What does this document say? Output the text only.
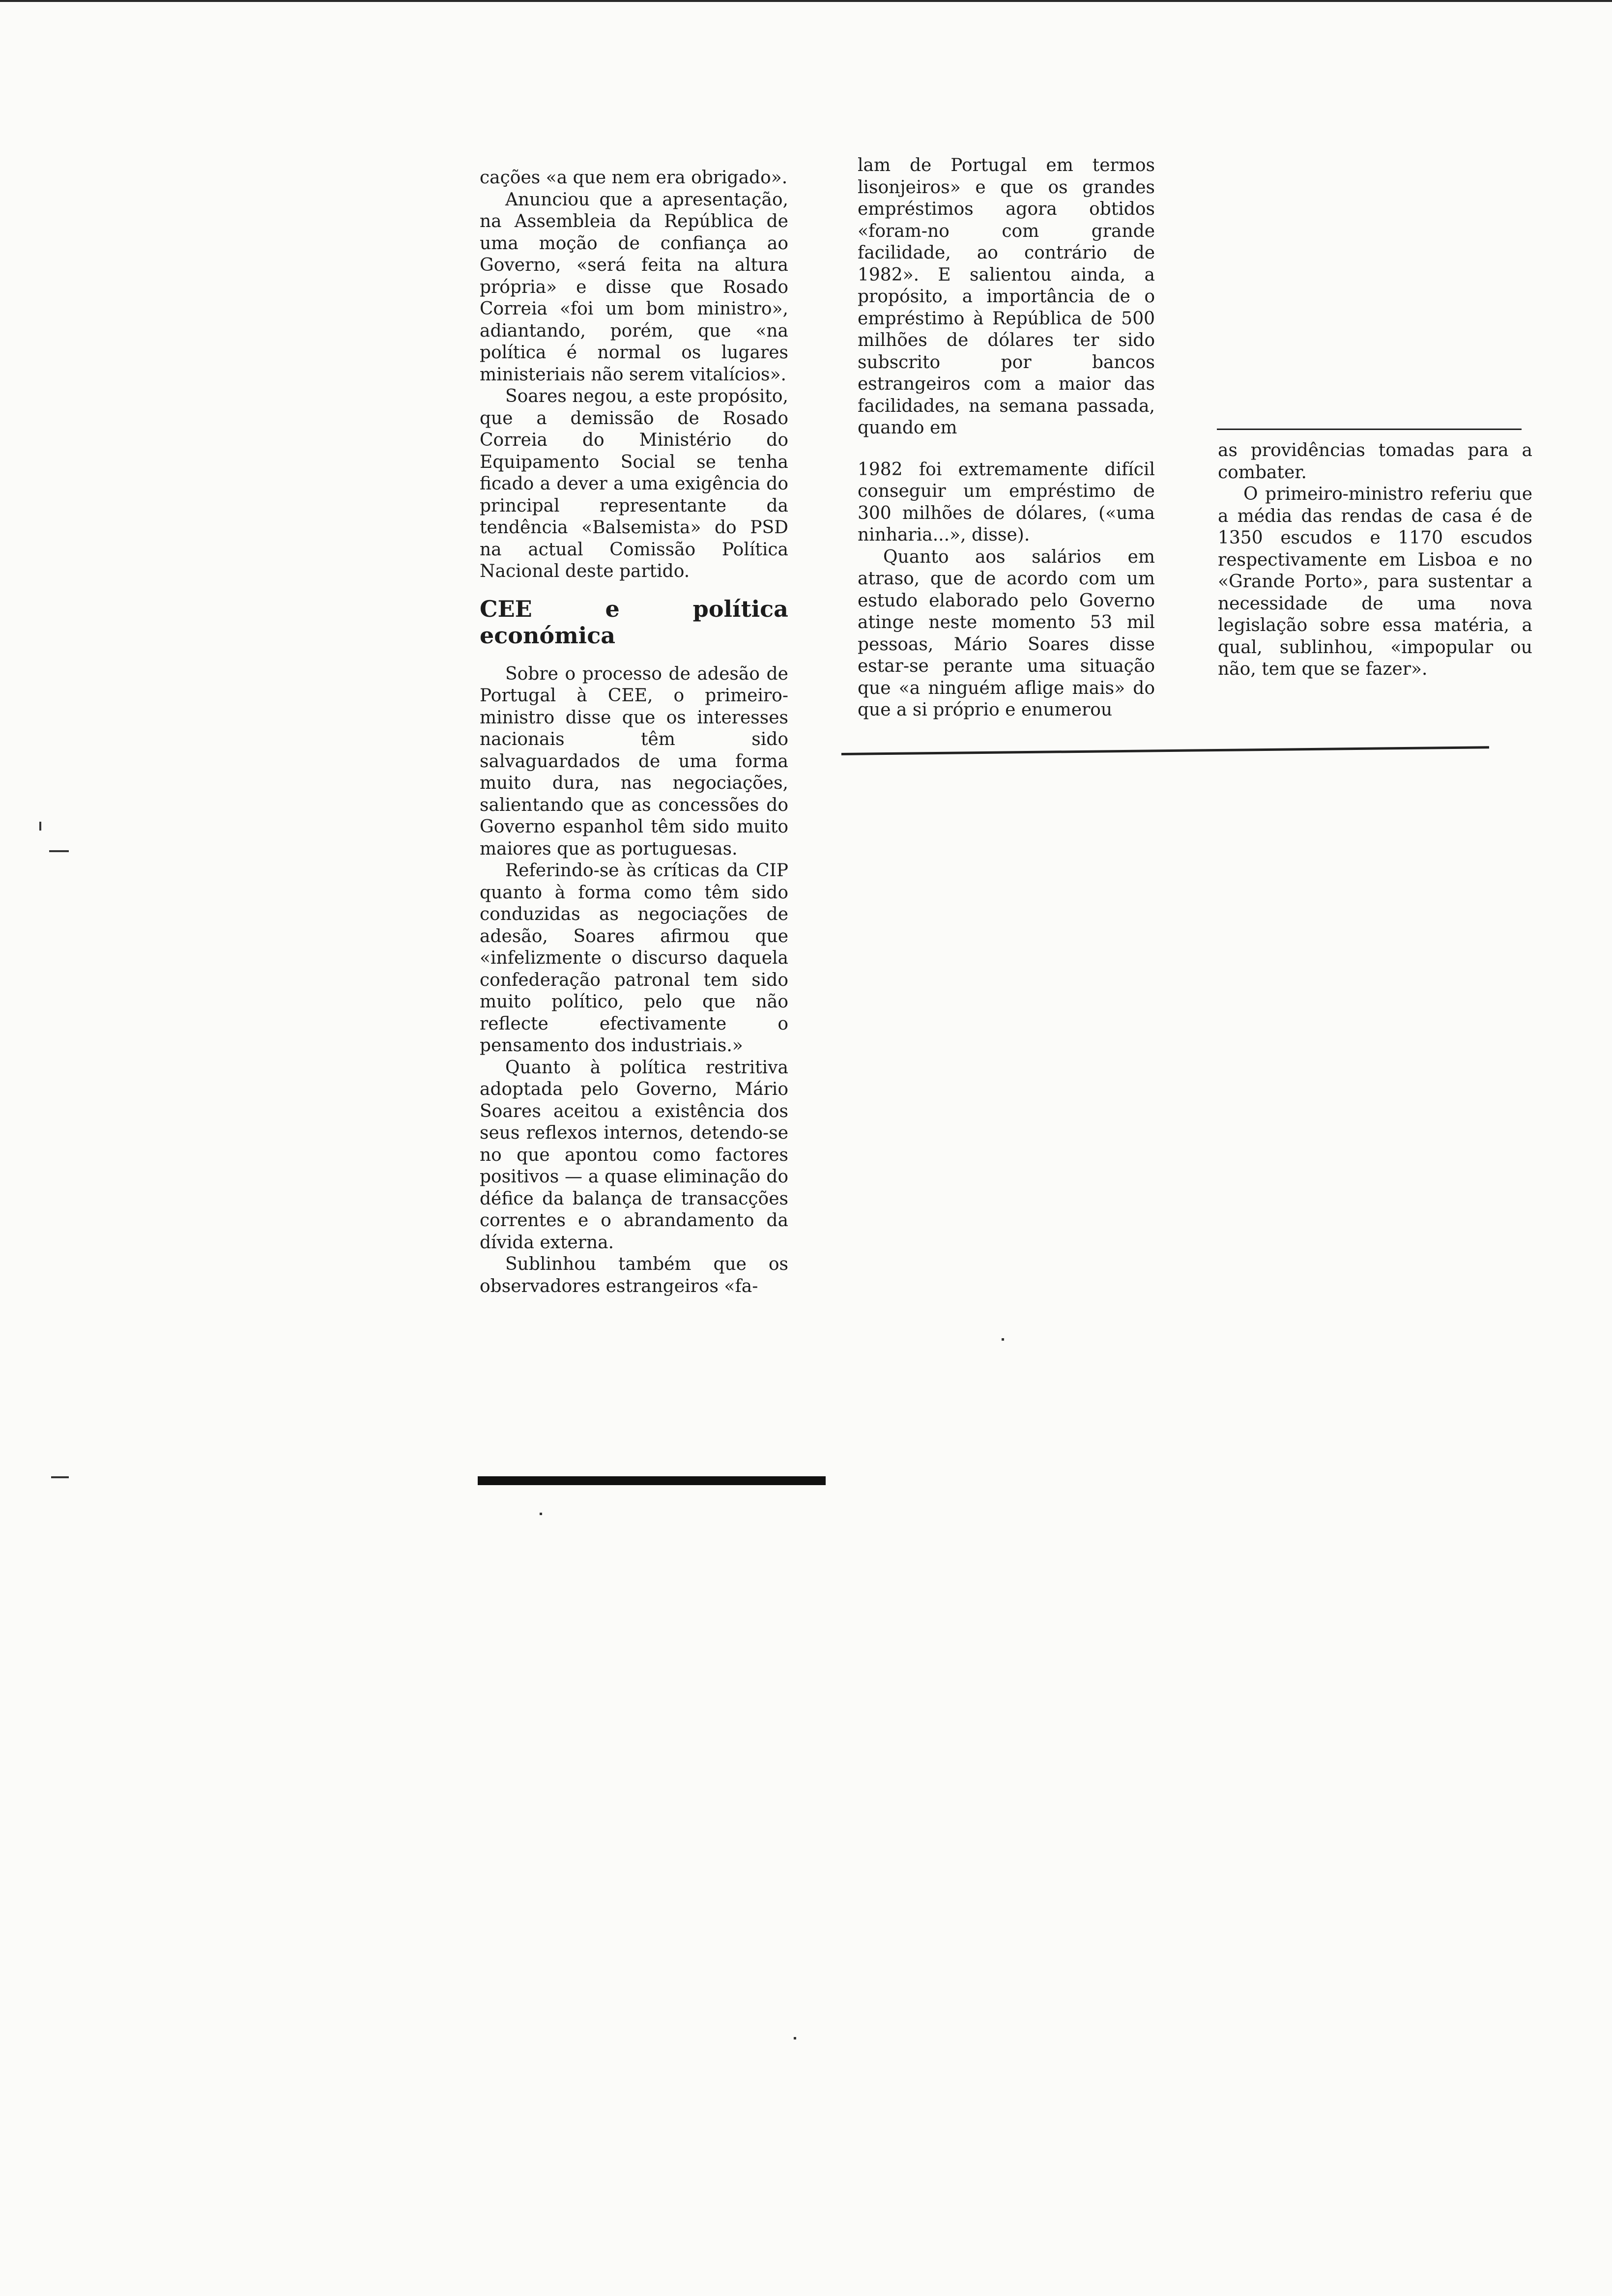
cações «a que nem era obrigado».

Anunciou que a apresentação, na Assembleia da República de uma moção de confiança ao Governo, «será feita na altura própria» e disse que Rosado Correia «foi um bom ministro», adiantando, porém, que «na política é normal os lugares ministeriais não serem vitalícios».

Soares negou, a este propósito, que a demissão de Rosado Correia do Ministério do Equipamento Social se tenha ficado a dever a uma exigência do principal representante da tendência «Balsemista» do PSD na actual Comissão Política Nacional deste partido.

CEE e política económica

Sobre o processo de adesão de Portugal à CEE, o primeiro-ministro disse que os interesses nacionais têm sido salvaguardados de uma forma muito dura, nas negociações, salientando que as concessões do Governo espanhol têm sido muito maiores que as portuguesas.

Referindo-se às críticas da CIP quanto à forma como têm sido conduzidas as negociações de adesão, Soares afirmou que «infelizmente o discurso daquela confederação patronal tem sido muito político, pelo que não reflecte efectivamente o pensamento dos industriais.»

Quanto à política restritiva adoptada pelo Governo, Mário Soares aceitou a existência dos seus reflexos internos, detendo-se no que apontou como factores positivos — a quase eliminação do défice da balança de transacções correntes e o abrandamento da dívida externa.

Sublinhou também que os observadores estrangeiros «fa-

lam de Portugal em termos lisonjeiros» e que os grandes empréstimos agora obtidos «foram-no com grande facilidade, ao contrário de 1982». E salientou ainda, a propósito, a importância de o empréstimo à República de 500 milhões de dólares ter sido subscrito por bancos estrangeiros com a maior das facilidades, na semana passada, quando em

1982 foi extremamente difícil conseguir um empréstimo de 300 milhões de dólares, («uma ninharia...», disse).

Quanto aos salários em atraso, que de acordo com um estudo elaborado pelo Governo atinge neste momento 53 mil pessoas, Mário Soares disse estar-se perante uma situação que «a ninguém aflige mais» do que a si próprio e enumerou

as providências tomadas para a combater.

O primeiro-ministro referiu que a média das rendas de casa é de 1350 escudos e 1170 escudos respectivamente em Lisboa e no «Grande Porto», para sustentar a necessidade de uma nova legislação sobre essa matéria, a qual, sublinhou, «impopular ou não, tem que se fazer».
